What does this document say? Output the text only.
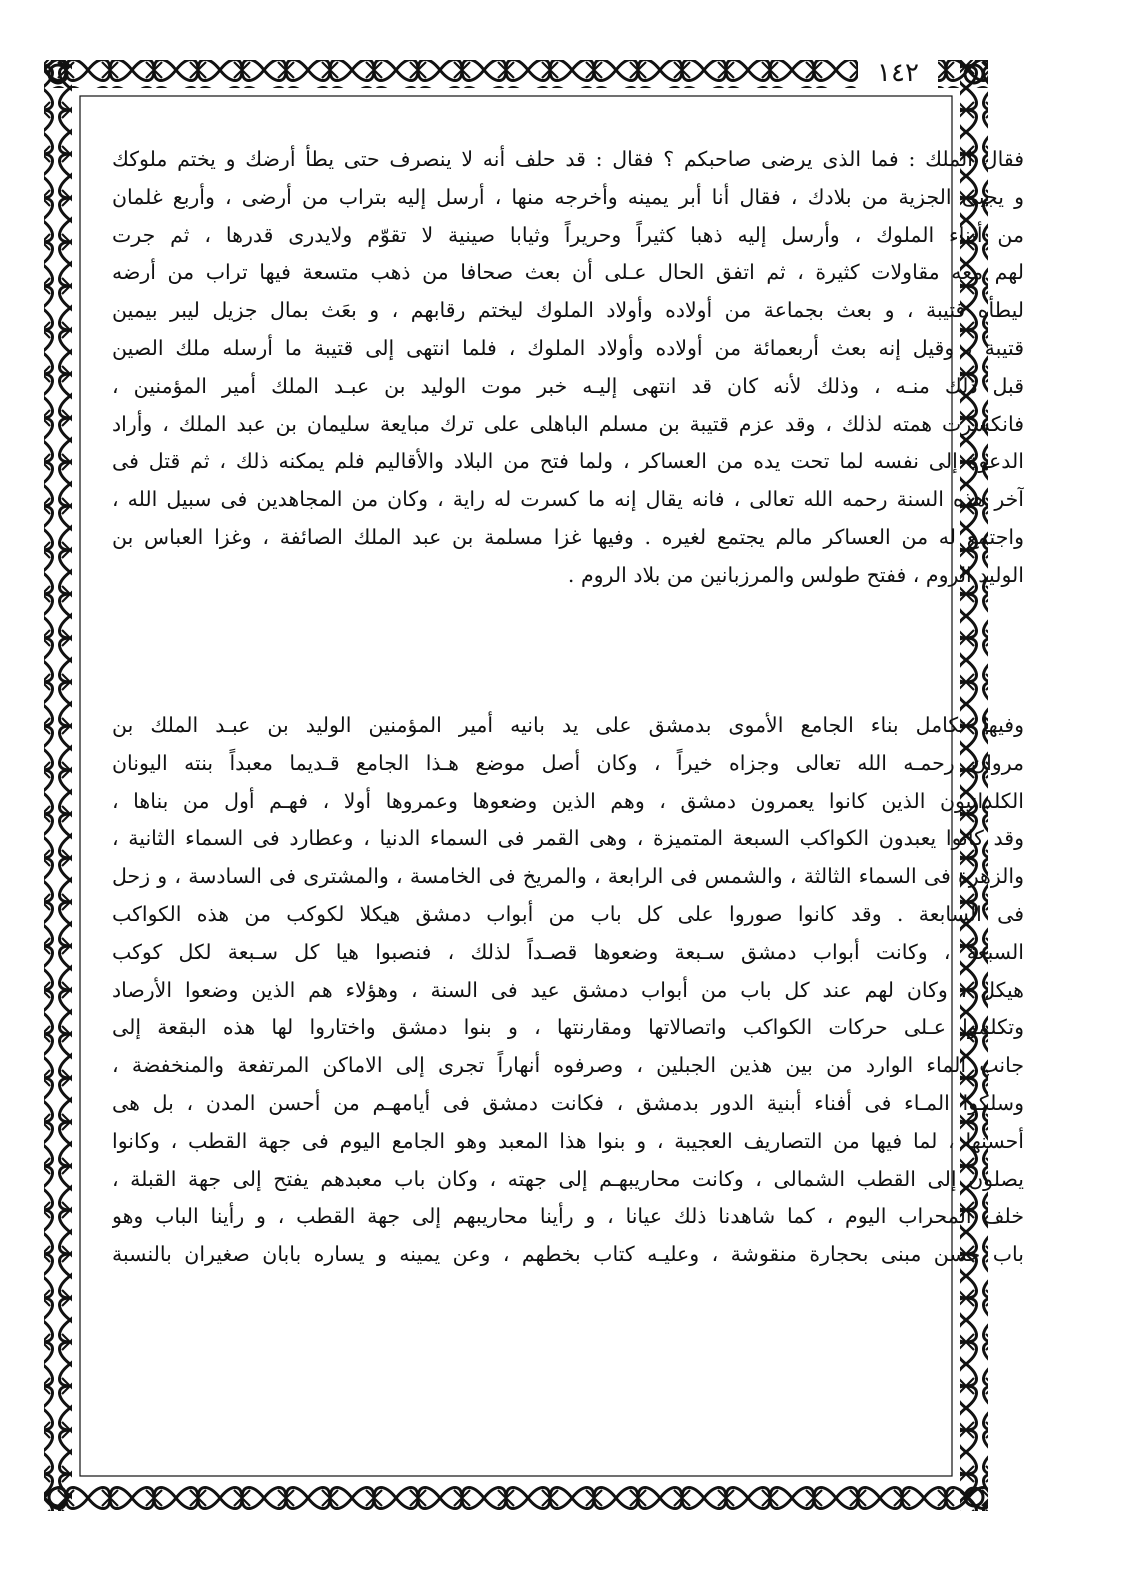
١٤٢
فقال الملك : فما الذى يرضى صاحبكم ؟ فقال : قد حلف أنه لا ينصرف حتى يطأ أرضك و يختم ملوكك
و يجبى الجزية من بلادك ، فقال أنا أبر يمينه وأخرجه منها ، أرسل إليه بتراب من أرضى ، وأربع غلمان
من أبناء الملوك ، وأرسل إليه ذهبا كثيراً وحريراً وثيابا صينية لا تقوّم ولايدرى قدرها ، ثم جرت
لهم معه مقاولات كثيرة ، ثم اتفق الحال عـلى أن بعث صحافا من ذهب متسعة فيها تراب من أرضه
ليطأه قتيبة ، و بعث بجماعة من أولاده وأولاد الملوك ليختم رقابهم ، و بعَث بمال جزيل ليبر بيمين
قتيبة ، وقيل إنه بعث أربعمائة من أولاده وأولاد الملوك ، فلما انتهى إلى قتيبة ما أرسله ملك الصين
قبل ذلك منـه ، وذلك لأنه كان قد انتهى إليـه خبر موت الوليد بن عبـد الملك أمير المؤمنين ،
فانكسرت همته لذلك ، وقد عزم قتيبة بن مسلم الباهلى على ترك مبايعة سليمان بن عبد الملك ، وأراد
الدعوة إلى نفسه لما تحت يده من العساكر ، ولما فتح من البلاد والأقاليم فلم يمكنه ذلك ، ثم قتل فى
آخر هذه السنة رحمه الله تعالى ، فانه يقال إنه ما كسرت له راية ، وكان من المجاهدين فى سبيل الله ،
واجتمع له من العساكر مالم يجتمع لغيره . وفيها غزا مسلمة بن عبد الملك الصائفة ، وغزا العباس بن
الوليد الروم ، ففتح طولس والمرزبانين من بلاد الروم .
وفيها تكامل بناء الجامع الأموى بدمشق على يد بانيه أمير المؤمنين الوليد بن عبـد الملك بن
مروان رحمـه الله تعالى وجزاه خيراً ، وكان أصل موضع هـذا الجامع قـديما معبداً بنته اليونان
الكلدانيون الذين كانوا يعمرون دمشق ، وهم الذين وضعوها وعمروها أولا ، فهـم أول من بناها ،
وقد كانوا يعبدون الكواكب السبعة المتميزة ، وهى القمر فى السماء الدنيا ، وعطارد فى السماء الثانية ،
والزهرة فى السماء الثالثة ، والشمس فى الرابعة ، والمريخ فى الخامسة ، والمشترى فى السادسة ، و زحل
فى السابعة . وقد كانوا صوروا على كل باب من أبواب دمشق هيكلا لكوكب من هذه الكواكب
السبعة ، وكانت أبواب دمشق سـبعة وضعوها قصـداً لذلك ، فنصبوا هيا كل سـبعة لكل كوكب
هيكل ، وكان لهم عند كل باب من أبواب دمشق عيد فى السنة ، وهؤلاء هم الذين وضعوا الأرصاد
وتكلموا عـلى حركات الكواكب واتصالاتها ومقارنتها ، و بنوا دمشق واختاروا لها هذه البقعة إلى
جانب الماء الوارد من بين هذين الجبلين ، وصرفوه أنهاراً تجرى إلى الاماكن المرتفعة والمنخفضة ،
وسلكوا المـاء فى أفناء أبنية الدور بدمشق ، فكانت دمشق فى أيامهـم من أحسن المدن ، بل هى
أحسنها ، لما فيها من التصاريف العجيبة ، و بنوا هذا المعبد وهو الجامع اليوم فى جهة القطب ، وكانوا
يصلون إلى القطب الشمالى ، وكانت محاريبهـم إلى جهته ، وكان باب معبدهم يفتح إلى جهة القبلة ،
خلف المحراب اليوم ، كما شاهدنا ذلك عيانا ، و رأينا محاريبهم إلى جهة القطب ، و رأينا الباب وهو
باب حسن مبنى بحجارة منقوشة ، وعليـه كتاب بخطهم ، وعن يمينه و يساره بابان صغيران بالنسبة
